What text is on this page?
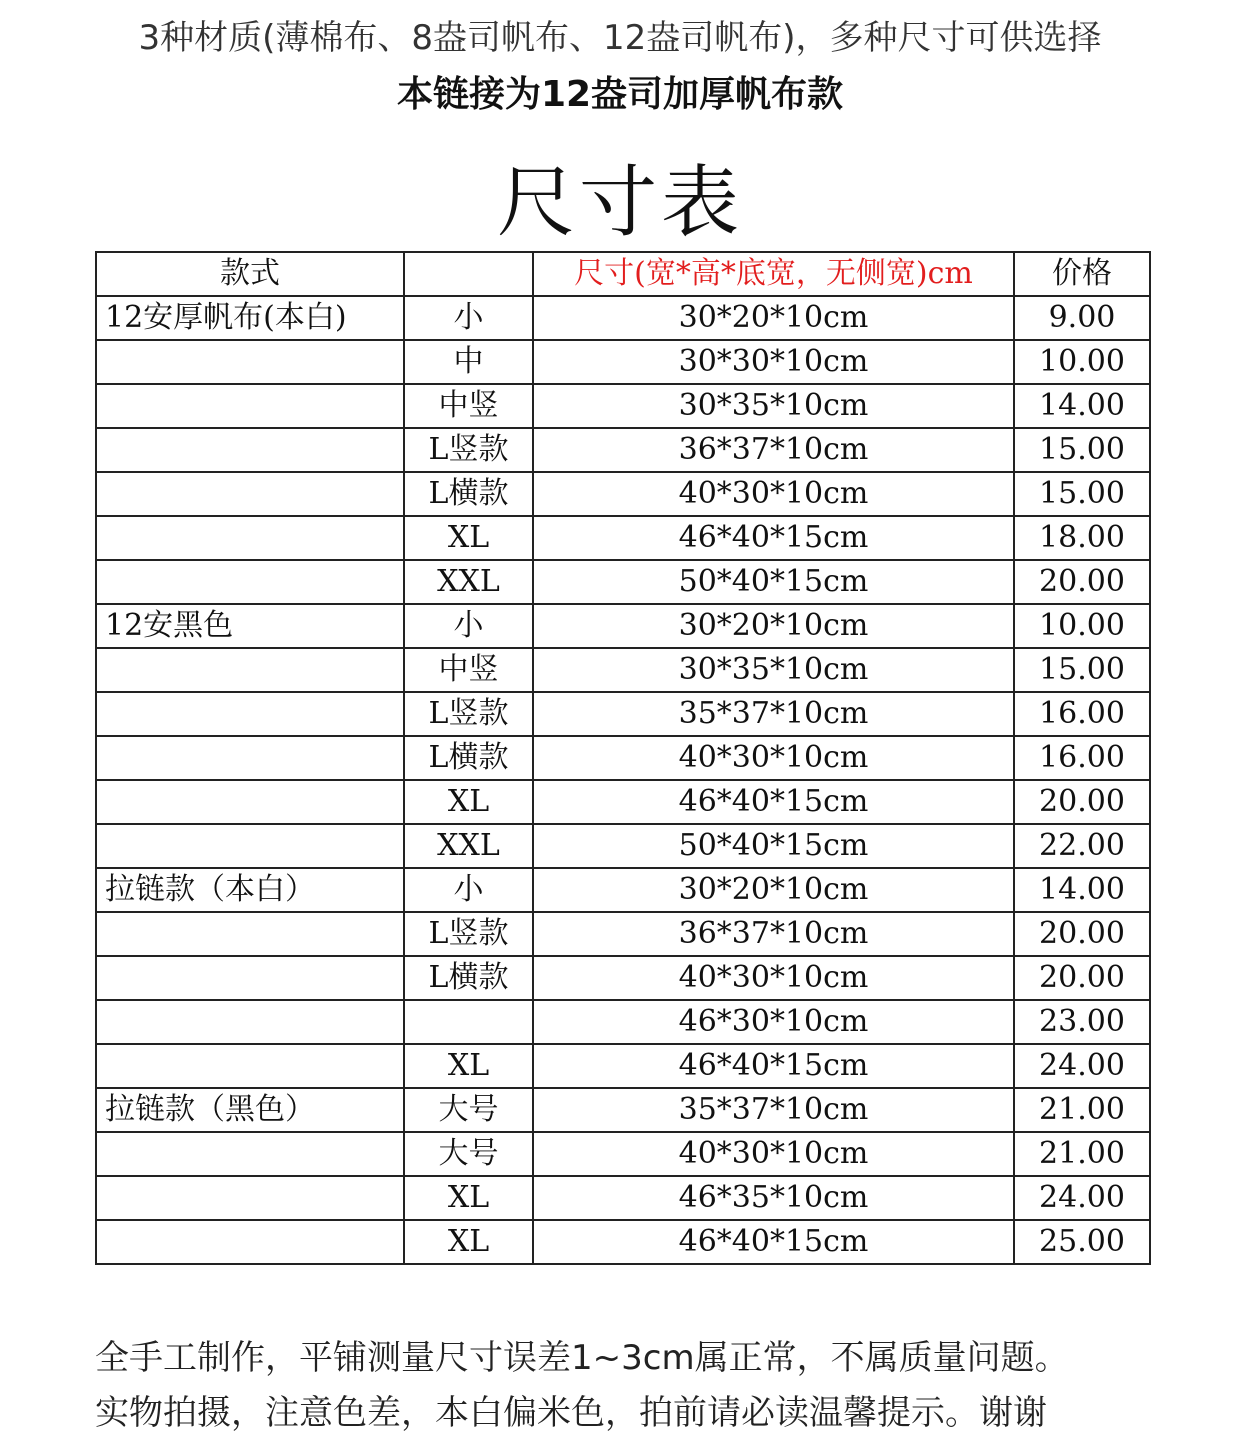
3种材质(薄棉布、8盎司帆布、12盎司帆布)，多种尺寸可供选择
本链接为12盎司加厚帆布款
尺寸表
款式		尺寸(宽*高*底宽，无侧宽)cm	价格
12安厚帆布(本白)	小	30*20*10cm	9.00
	中	30*30*10cm	10.00
	中竖	30*35*10cm	14.00
	L竖款	36*37*10cm	15.00
	L横款	40*30*10cm	15.00
	XL	46*40*15cm	18.00
	XXL	50*40*15cm	20.00
12安黑色	小	30*20*10cm	10.00
	中竖	30*35*10cm	15.00
	L竖款	35*37*10cm	16.00
	L横款	40*30*10cm	16.00
	XL	46*40*15cm	20.00
	XXL	50*40*15cm	22.00
拉链款（本白）	小	30*20*10cm	14.00
	L竖款	36*37*10cm	20.00
	L横款	40*30*10cm	20.00
		46*30*10cm	23.00
	XL	46*40*15cm	24.00
拉链款（黑色）	大号	35*37*10cm	21.00
	大号	40*30*10cm	21.00
	XL	46*35*10cm	24.00
	XL	46*40*15cm	25.00
全手工制作，平铺测量尺寸误差1~3cm属正常，不属质量问题。
实物拍摄，注意色差，本白偏米色，拍前请必读温馨提示。谢谢
